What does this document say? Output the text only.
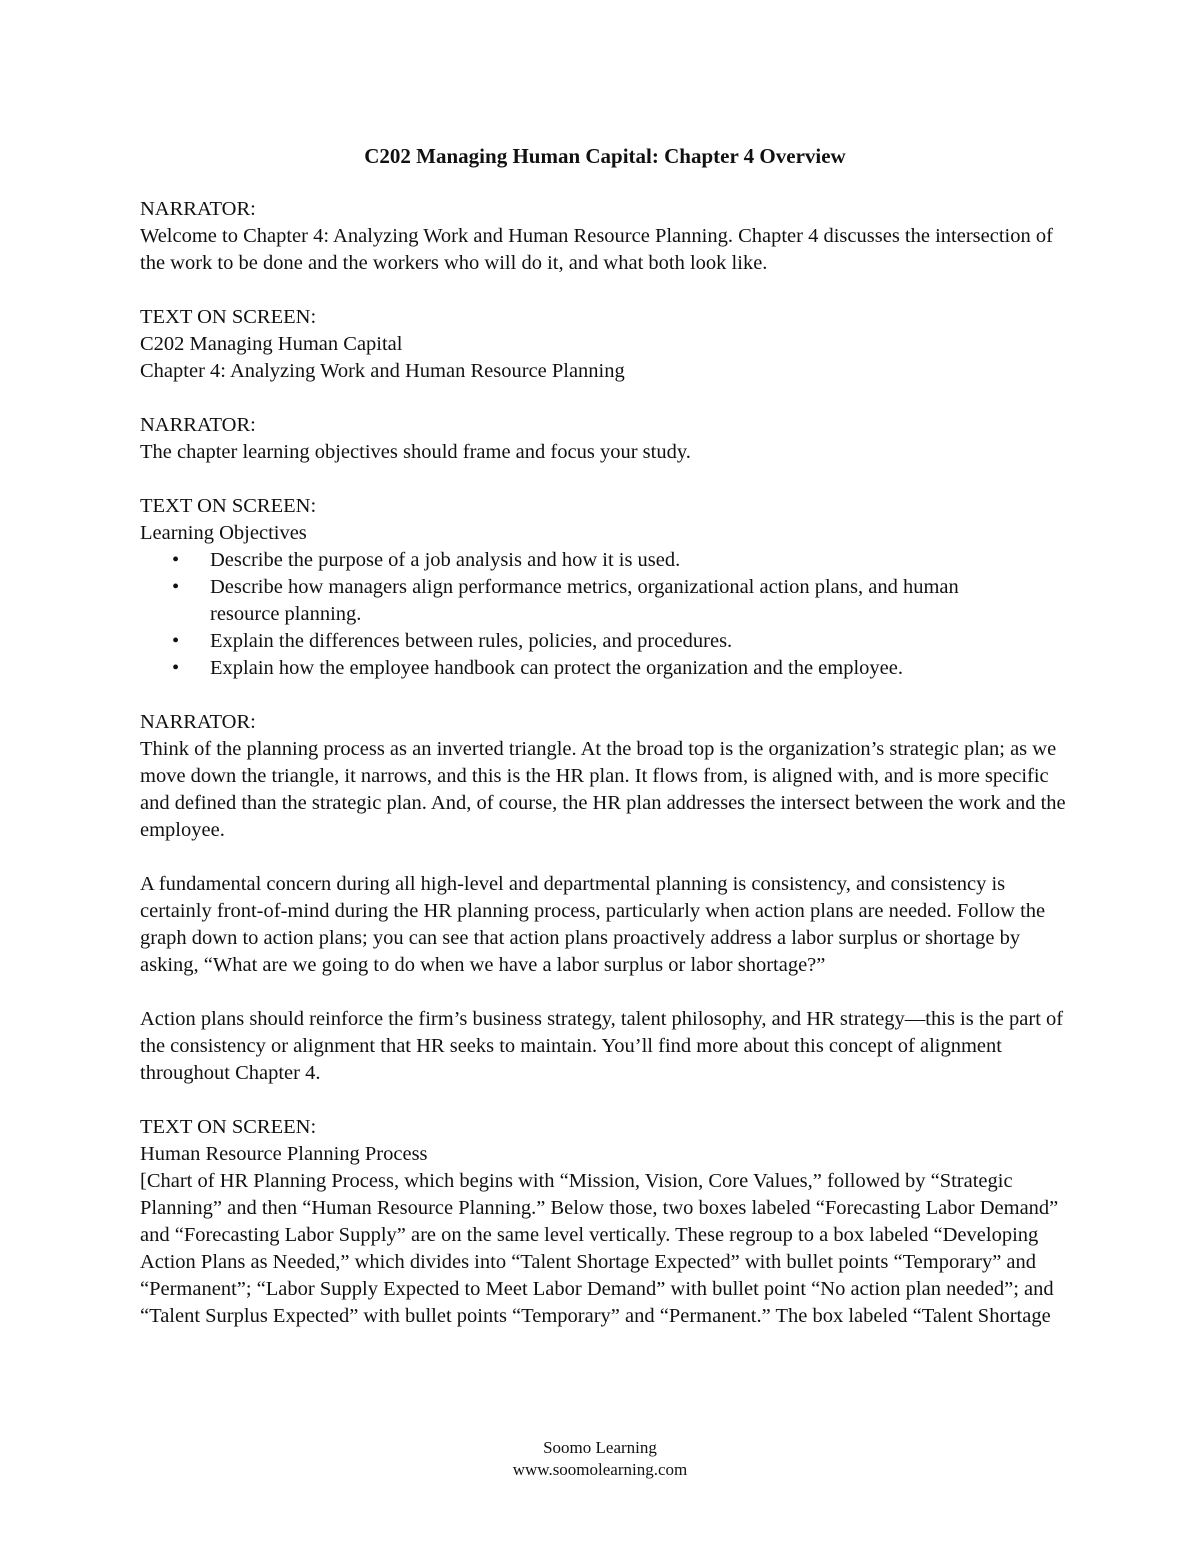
C202 Managing Human Capital: Chapter 4 Overview
NARRATOR:
Welcome to Chapter 4: Analyzing Work and Human Resource Planning. Chapter 4 discusses the intersection of the work to be done and the workers who will do it, and what both look like.
TEXT ON SCREEN:
C202 Managing Human Capital
Chapter 4: Analyzing Work and Human Resource Planning
NARRATOR:
The chapter learning objectives should frame and focus your study.
TEXT ON SCREEN:
Learning Objectives
• Describe the purpose of a job analysis and how it is used.
• Describe how managers align performance metrics, organizational action plans, and human resource planning.
• Explain the differences between rules, policies, and procedures.
• Explain how the employee handbook can protect the organization and the employee.
NARRATOR:
Think of the planning process as an inverted triangle. At the broad top is the organization’s strategic plan; as we move down the triangle, it narrows, and this is the HR plan. It flows from, is aligned with, and is more specific and defined than the strategic plan. And, of course, the HR plan addresses the intersect between the work and the employee.
A fundamental concern during all high-level and departmental planning is consistency, and consistency is certainly front-of-mind during the HR planning process, particularly when action plans are needed. Follow the graph down to action plans; you can see that action plans proactively address a labor surplus or shortage by asking, “What are we going to do when we have a labor surplus or labor shortage?”
Action plans should reinforce the firm’s business strategy, talent philosophy, and HR strategy—this is the part of the consistency or alignment that HR seeks to maintain. You’ll find more about this concept of alignment throughout Chapter 4.
TEXT ON SCREEN:
Human Resource Planning Process
[Chart of HR Planning Process, which begins with “Mission, Vision, Core Values,” followed by “Strategic Planning” and then “Human Resource Planning.” Below those, two boxes labeled “Forecasting Labor Demand” and “Forecasting Labor Supply” are on the same level vertically. These regroup to a box labeled “Developing Action Plans as Needed,” which divides into “Talent Shortage Expected” with bullet points “Temporary” and “Permanent”; “Labor Supply Expected to Meet Labor Demand” with bullet point “No action plan needed”; and “Talent Surplus Expected” with bullet points “Temporary” and “Permanent.” The box labeled “Talent Shortage
Soomo Learning
www.soomolearning.com
